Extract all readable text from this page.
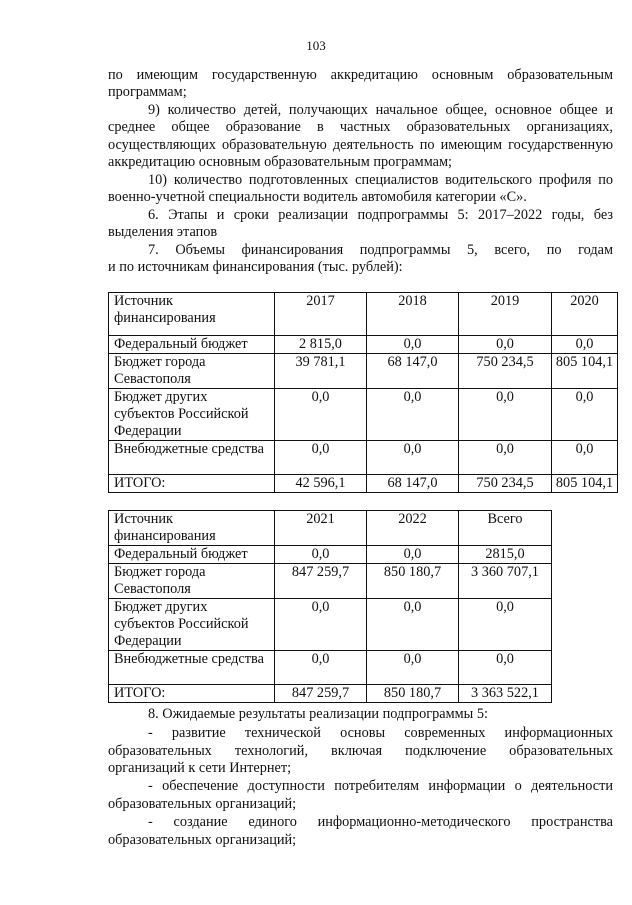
103

по имеющим государственную аккредитацию основным образовательным

программам;

9) количество детей, получающих начальное общее, основное общее и

среднее общее образование в частных образовательных организациях,

осуществляющих образовательную деятельность по имеющим государственную

аккредитацию основным образовательным программам;

10) количество подготовленных специалистов водительского профиля по

военно-учетной специальности водитель автомобиля категории «С».

6. Этапы и сроки реализации подпрограммы 5: 2017–2022 годы, без

выделения этапов

7. Объемы финансирования подпрограммы 5, всего, по годам

и по источникам финансирования (тыс. рублей):

Источник финансирования	2017	2018	2019	2020
Федеральный бюджет	2 815,0	0,0	0,0	0,0
Бюджет города Севастополя	39 781,1	68 147,0	750 234,5	805 104,1
Бюджет других субъектов Российской Федерации	0,0	0,0	0,0	0,0
Внебюджетные средства	0,0	0,0	0,0	0,0
ИТОГО:	42 596,1	68 147,0	750 234,5	805 104,1
Источник финансирования	2021	2022	Всего
Федеральный бюджет	0,0	0,0	2815,0
Бюджет города Севастополя	847 259,7	850 180,7	3 360 707,1
Бюджет других субъектов Российской Федерации	0,0	0,0	0,0
Внебюджетные средства	0,0	0,0	0,0
ИТОГО:	847 259,7	850 180,7	3 363 522,1

8. Ожидаемые результаты реализации подпрограммы 5:

- развитие технической основы современных информационных

образовательных технологий, включая подключение образовательных

организаций к сети Интернет;

- обеспечение доступности потребителям информации о деятельности

образовательных организаций;

- создание единого информационно-методического пространства

образовательных организаций;
